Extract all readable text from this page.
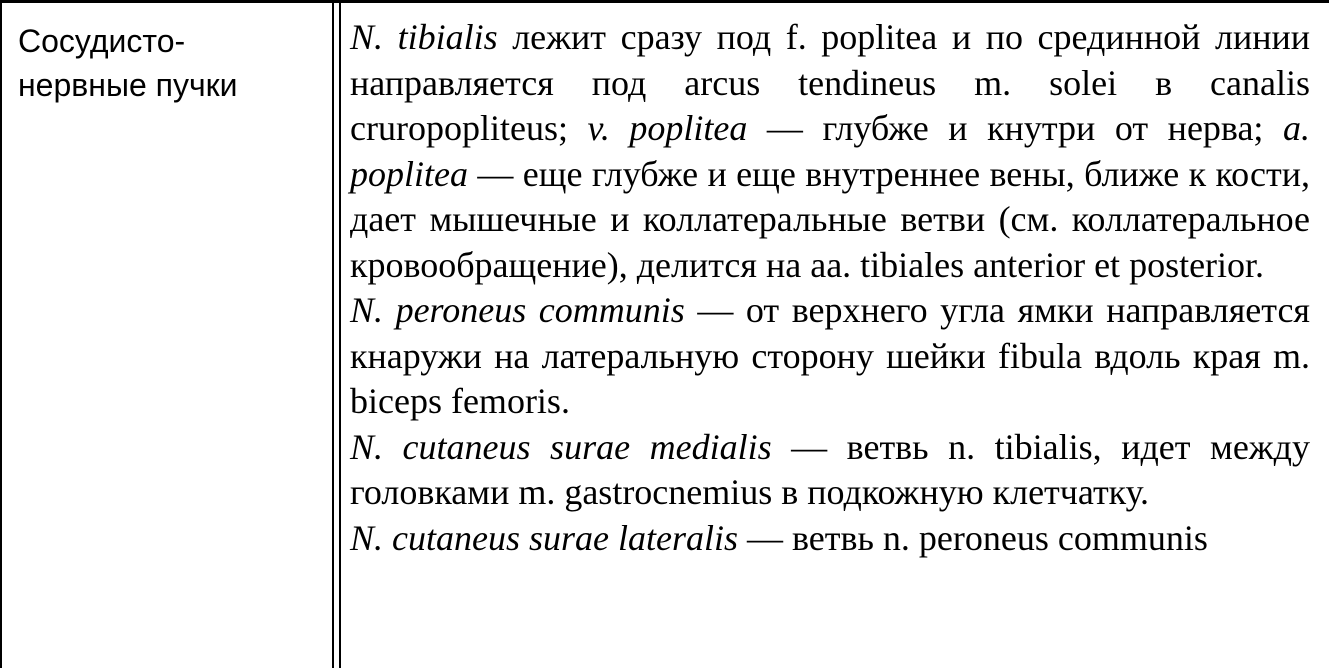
Сосудисто-
нервные пучки

N. tibialis лежит сразу под f. poplitea и по срединной линии направляется под arcus tendineus m. solei в canalis cruropopliteus; v. poplitea — глубже и кнутри от нерва; a. poplitea — еще глубже и еще внутреннее вены, ближе к кости, дает мышечные и коллатеральные ветви (см. коллатеральное кровообращение), делится на aa. tibiales anterior et posterior.

N. peroneus communis — от верхнего угла ямки направляется кнаружи на латеральную сторону шейки fibula вдоль края m. biceps femoris.

N. cutaneus surae medialis — ветвь n. tibialis, идет между головками m. gastrocnemius в подкожную клетчатку.

N. cutaneus surae lateralis — ветвь n. peroneus communis
